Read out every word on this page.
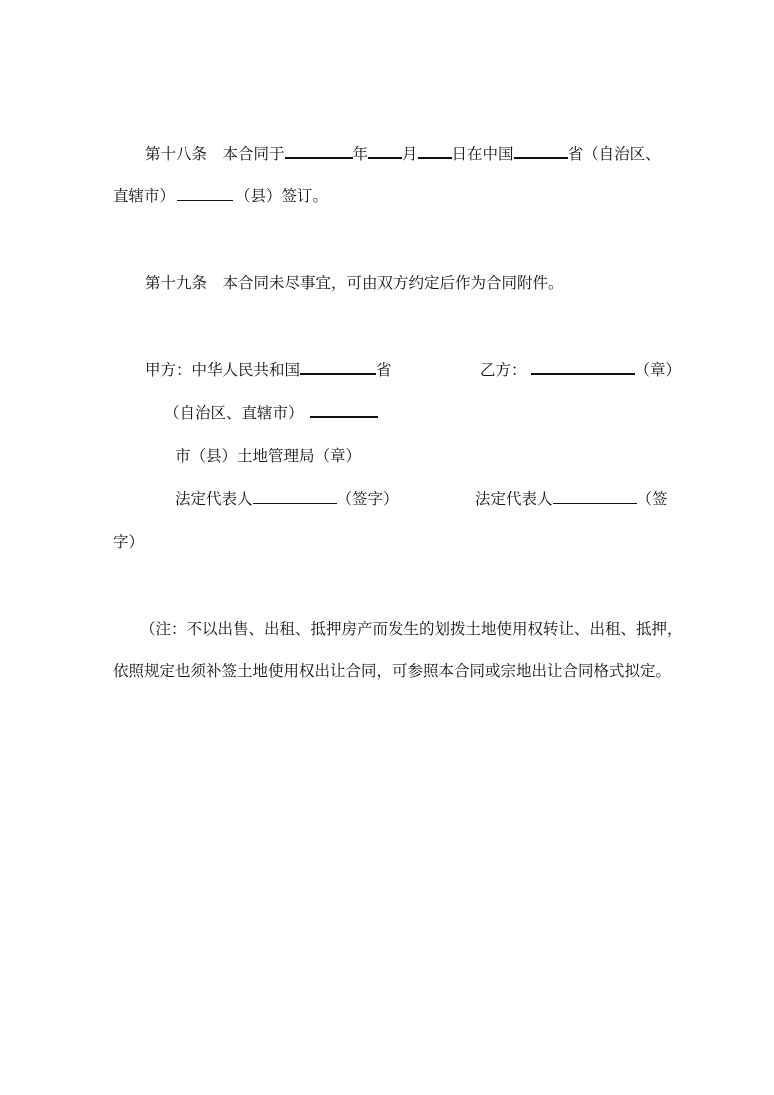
第十八条　本合同于	年 月 日在中国	省（自治区、
直辖市）	（县）签订。
第十九条　本合同未尽事宜，可由双方约定后作为合同附件。
甲方：中华人民共和国	省	乙方：	（章）
（自治区、直辖市）
市（县）土地管理局（章）
法定代表人	（签字）	法定代表人	（签
字）
（注：不以出售、出租、抵押房产而发生的划拨土地使用权转让、出租、抵押，
依照规定也须补签土地使用权出让合同，可参照本合同或宗地出让合同格式拟定。
